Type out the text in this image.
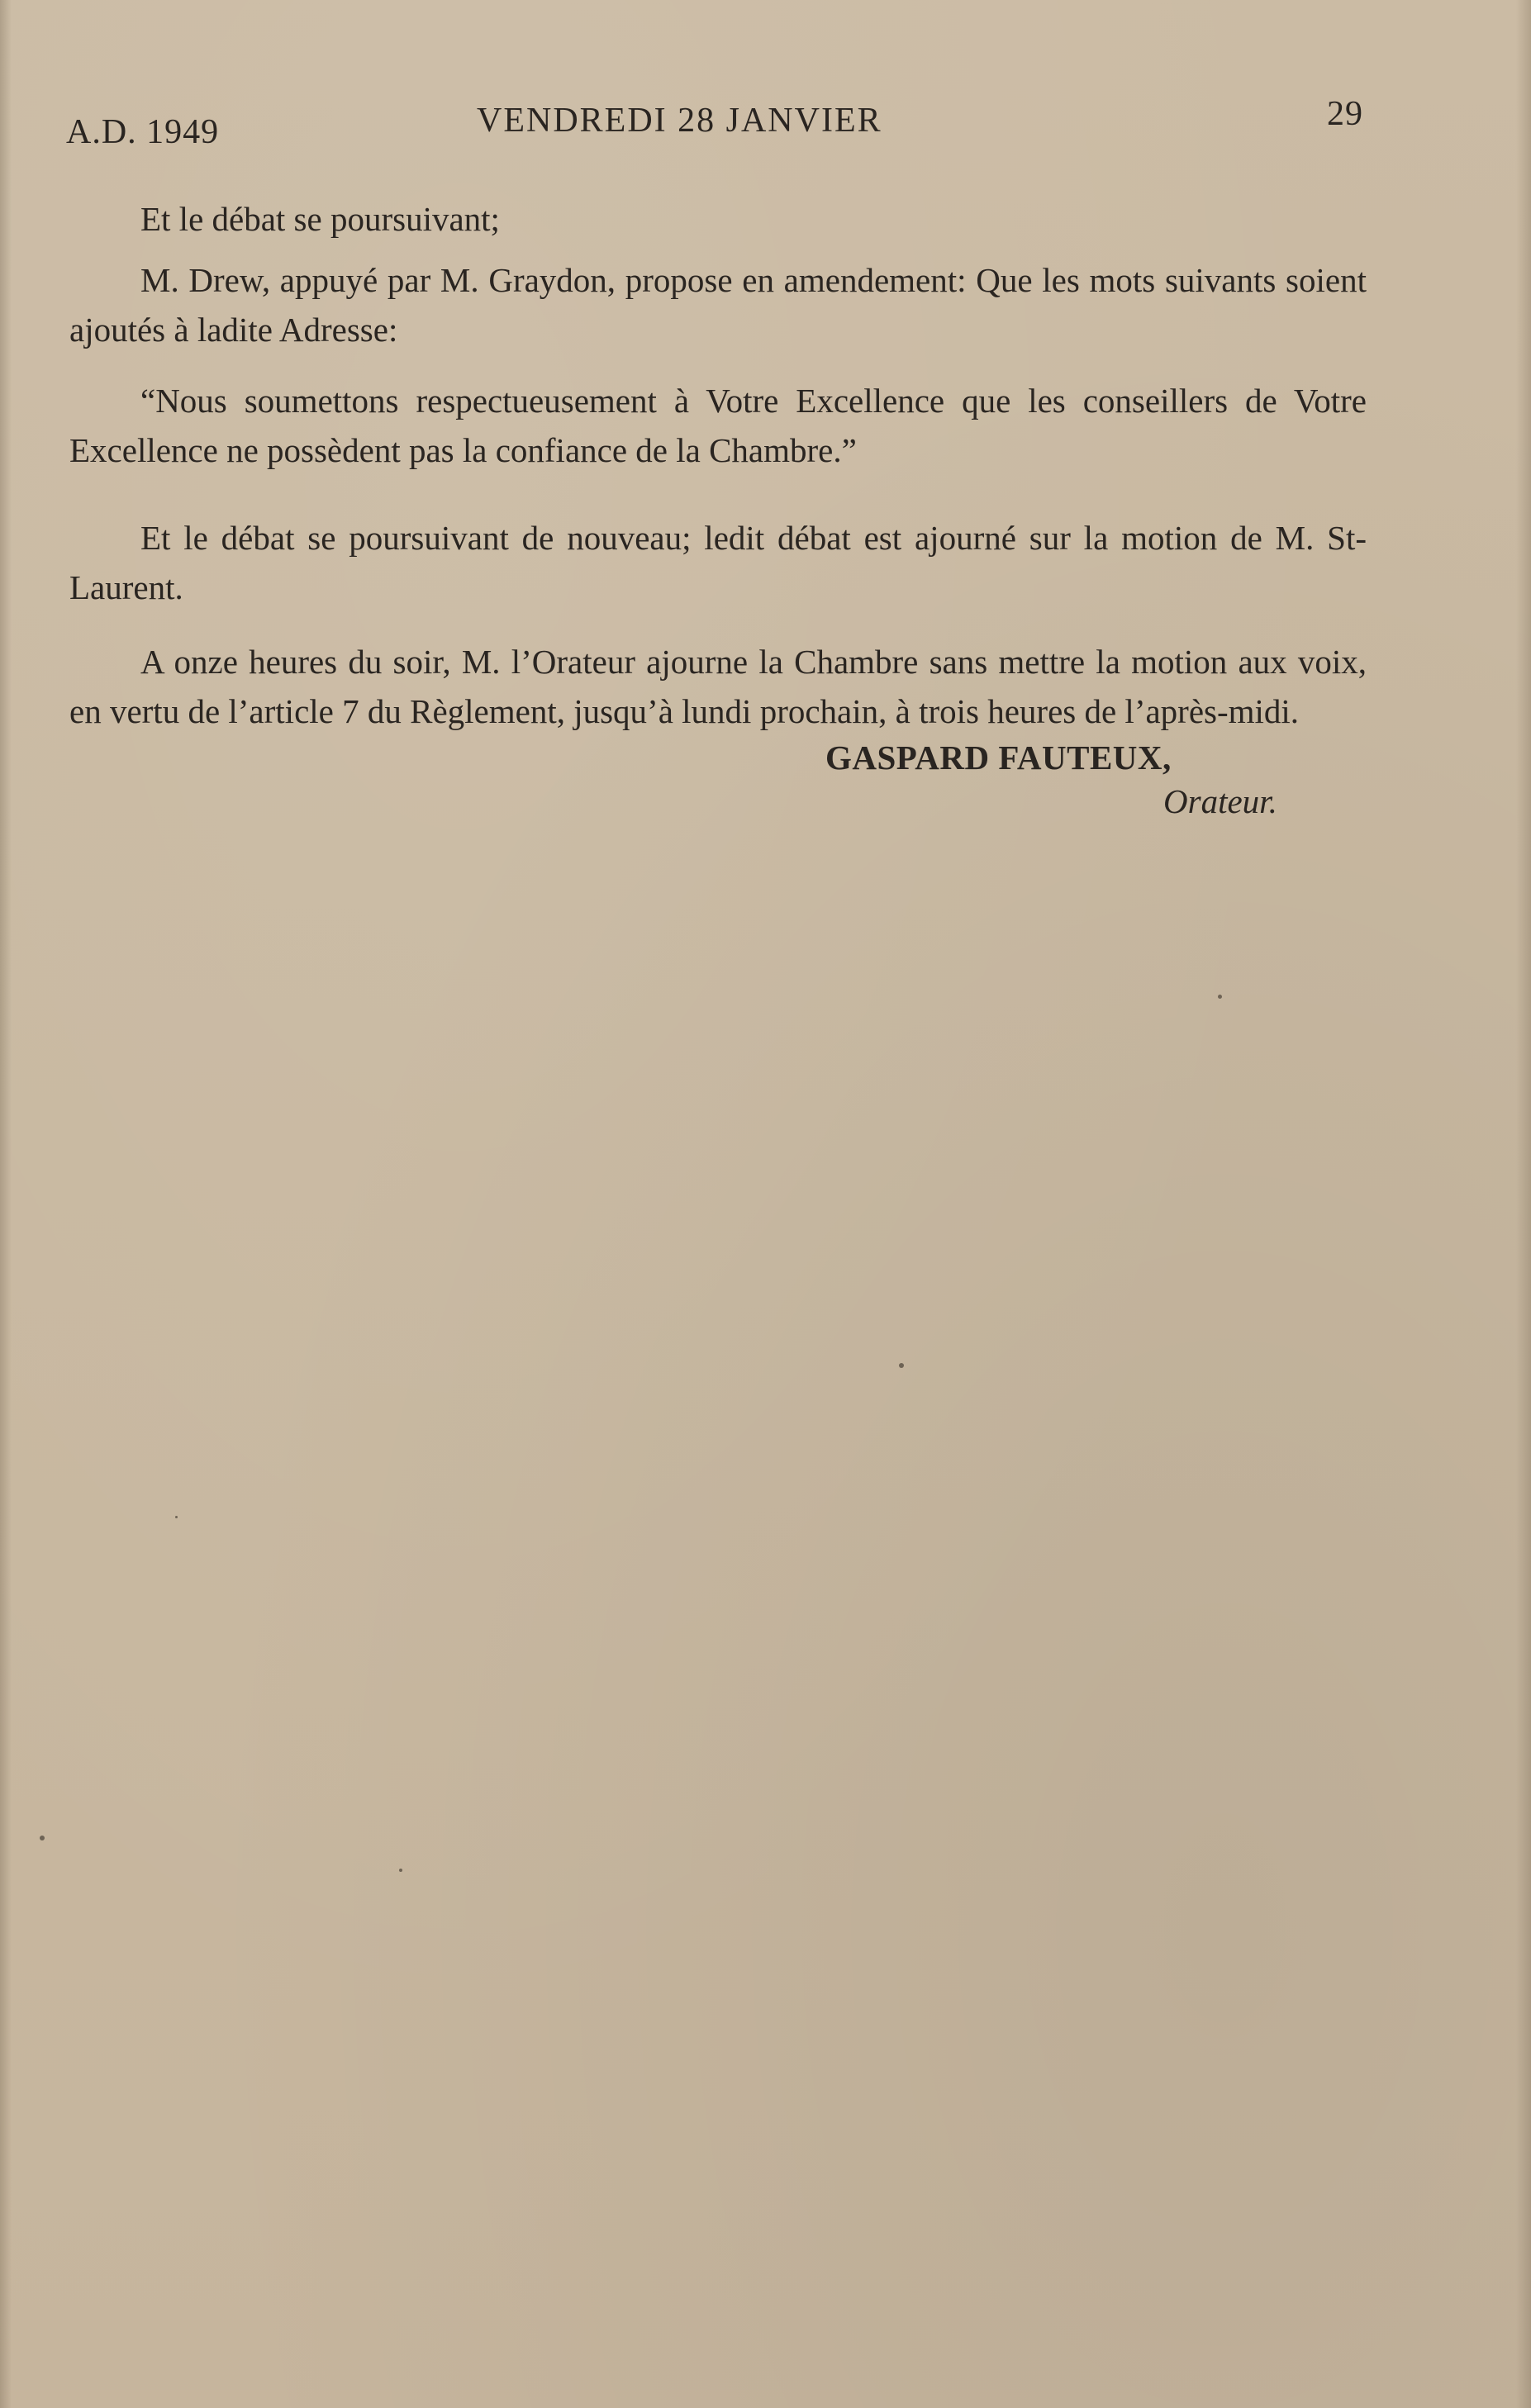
A.D. 1949	VENDREDI 28 JANVIER	29

Et le débat se poursuivant;

M. Drew, appuyé par M. Graydon, propose en amendement: Que les mots suivants soient ajoutés à ladite Adresse:

“Nous soumettons respectueusement à Votre Excellence que les conseillers de Votre Excellence ne possèdent pas la confiance de la Chambre.”

Et le débat se poursuivant de nouveau; ledit débat est ajourné sur la motion de M. St-Laurent.

A onze heures du soir, M. l’Orateur ajourne la Chambre sans mettre la motion aux voix, en vertu de l’article 7 du Règlement, jusqu’à lundi prochain, à trois heures de l’après-midi.

GASPARD FAUTEUX,
Orateur.
